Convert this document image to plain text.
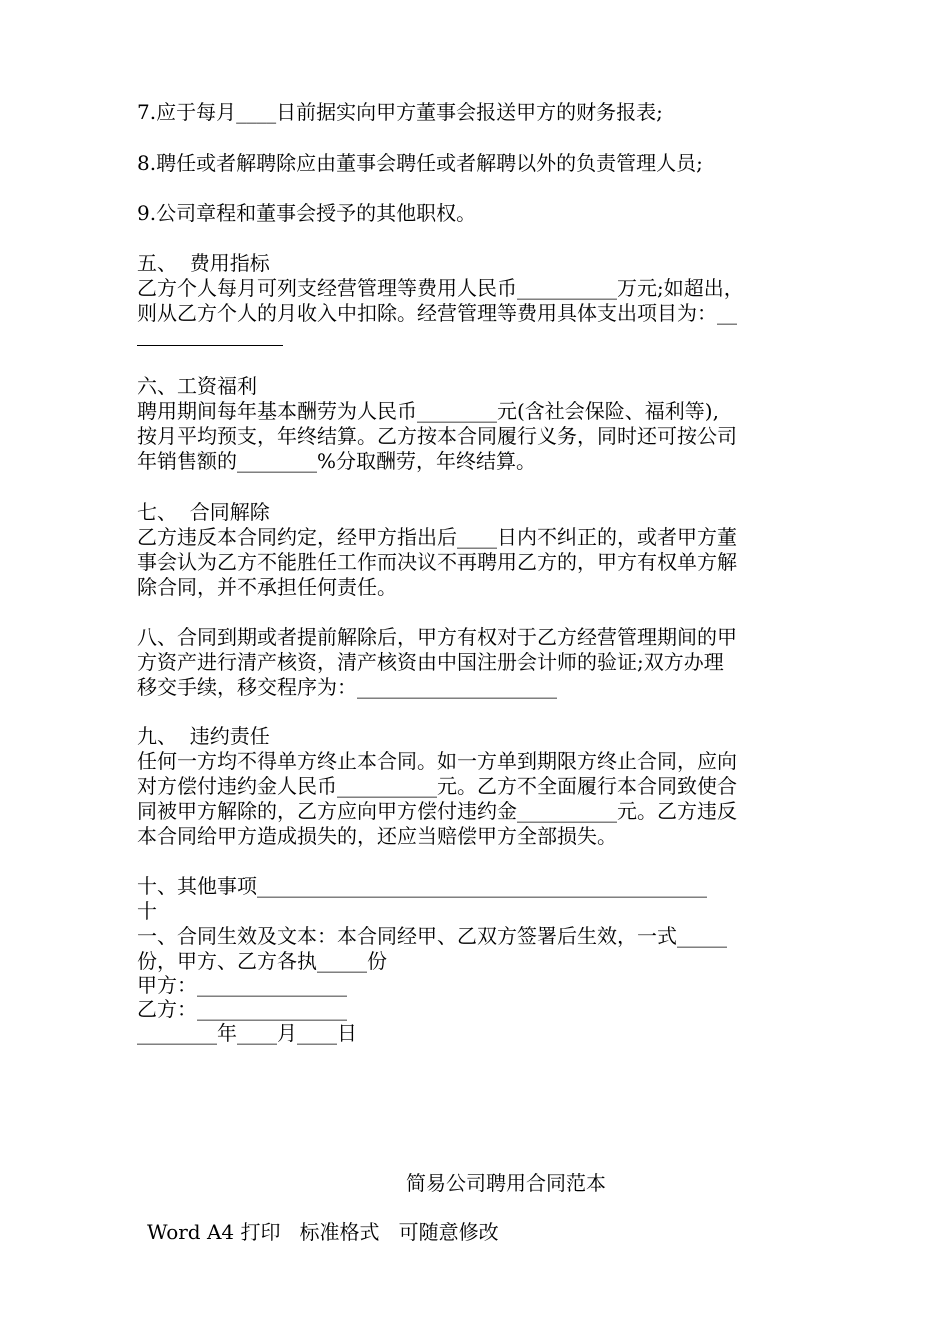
7.应于每月____日前据实向甲方董事会报送甲方的财务报表;

8.聘任或者解聘除应由董事会聘任或者解聘以外的负责管理人员;

9.公司章程和董事会授予的其他职权。

五、  费用指标

乙方个人每月可列支经营管理等费用人民币__________万元;如超出，

则从乙方个人的月收入中扣除。经营管理等费用具体支出项目为：__

六、工资福利

聘用期间每年基本酬劳为人民币________元(含社会保险、福利等),

按月平均预支，年终结算。乙方按本合同履行义务，同时还可按公司

年销售额的________%分取酬劳，年终结算。

七、  合同解除

乙方违反本合同约定，经甲方指出后____日内不纠正的，或者甲方董

事会认为乙方不能胜任工作而决议不再聘用乙方的，甲方有权单方解

除合同，并不承担任何责任。

八、合同到期或者提前解除后，甲方有权对于乙方经营管理期间的甲

方资产进行清产核资，清产核资由中国注册会计师的验证;双方办理

移交手续，移交程序为：____________________

九、  违约责任

任何一方均不得单方终止本合同。如一方单到期限方终止合同，应向

对方偿付违约金人民币__________元。乙方不全面履行本合同致使合

同被甲方解除的，乙方应向甲方偿付违约金__________元。乙方违反

本合同给甲方造成损失的，还应当赔偿甲方全部损失。

十、其他事项_____________________________________________

十

一、合同生效及文本：本合同经甲、乙双方签署后生效，一式_____

份，甲方、乙方各执_____份

甲方：_______________

乙方：_______________

________年____月____日

简易公司聘用合同范本
Word A4 打印   标准格式   可随意修改
